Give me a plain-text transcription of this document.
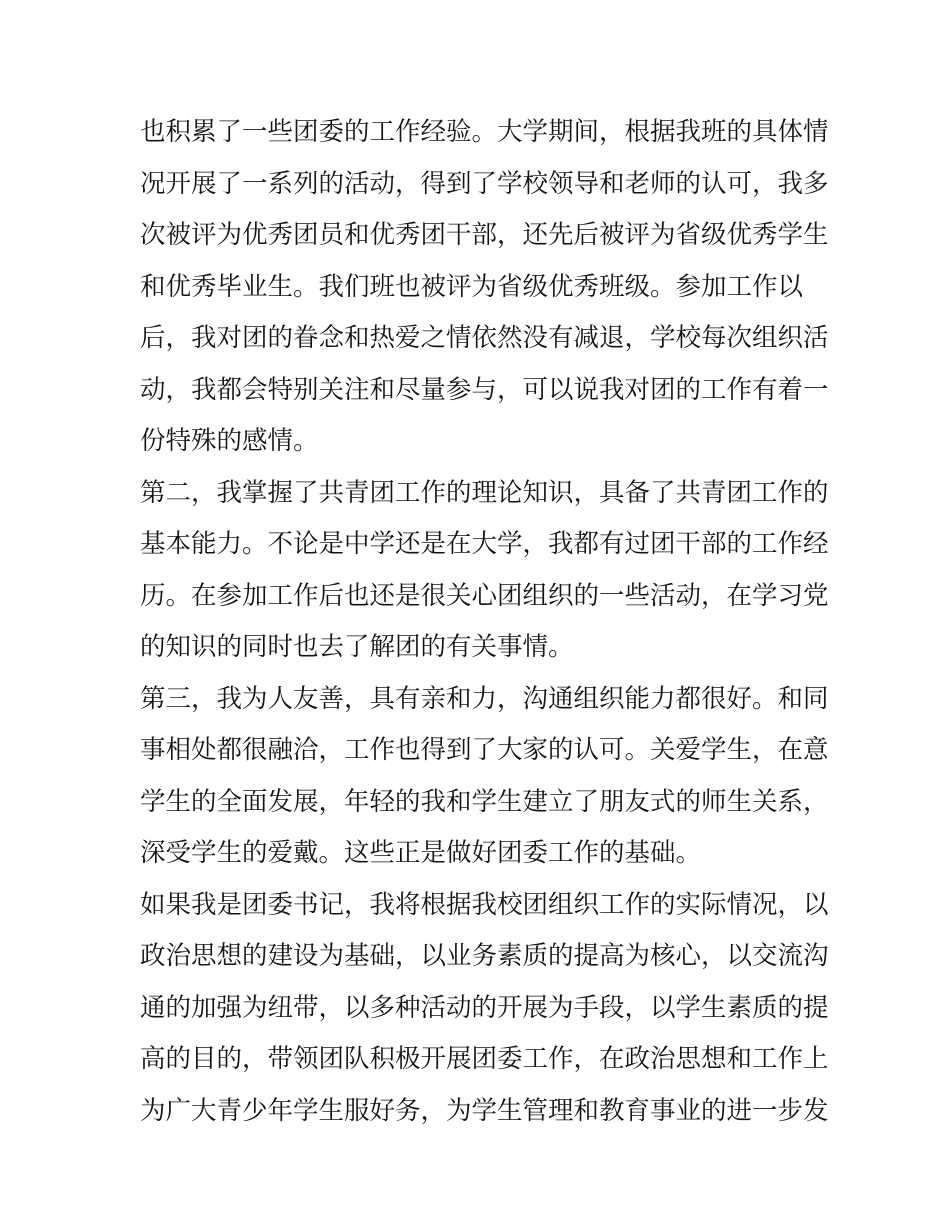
也积累了一些团委的工作经验。大学期间，根据我班的具体情
况开展了一系列的活动，得到了学校领导和老师的认可，我多
次被评为优秀团员和优秀团干部，还先后被评为省级优秀学生
和优秀毕业生。我们班也被评为省级优秀班级。参加工作以
后，我对团的眷念和热爱之情依然没有减退，学校每次组织活
动，我都会特别关注和尽量参与，可以说我对团的工作有着一
份特殊的感情。
第二，我掌握了共青团工作的理论知识，具备了共青团工作的
基本能力。不论是中学还是在大学，我都有过团干部的工作经
历。在参加工作后也还是很关心团组织的一些活动，在学习党
的知识的同时也去了解团的有关事情。
第三，我为人友善，具有亲和力，沟通组织能力都很好。和同
事相处都很融洽，工作也得到了大家的认可。关爱学生，在意
学生的全面发展，年轻的我和学生建立了朋友式的师生关系，
深受学生的爱戴。这些正是做好团委工作的基础。
如果我是团委书记，我将根据我校团组织工作的实际情况，以
政治思想的建设为基础，以业务素质的提高为核心，以交流沟
通的加强为纽带，以多种活动的开展为手段，以学生素质的提
高的目的，带领团队积极开展团委工作，在政治思想和工作上
为广大青少年学生服好务，为学生管理和教育事业的进一步发
